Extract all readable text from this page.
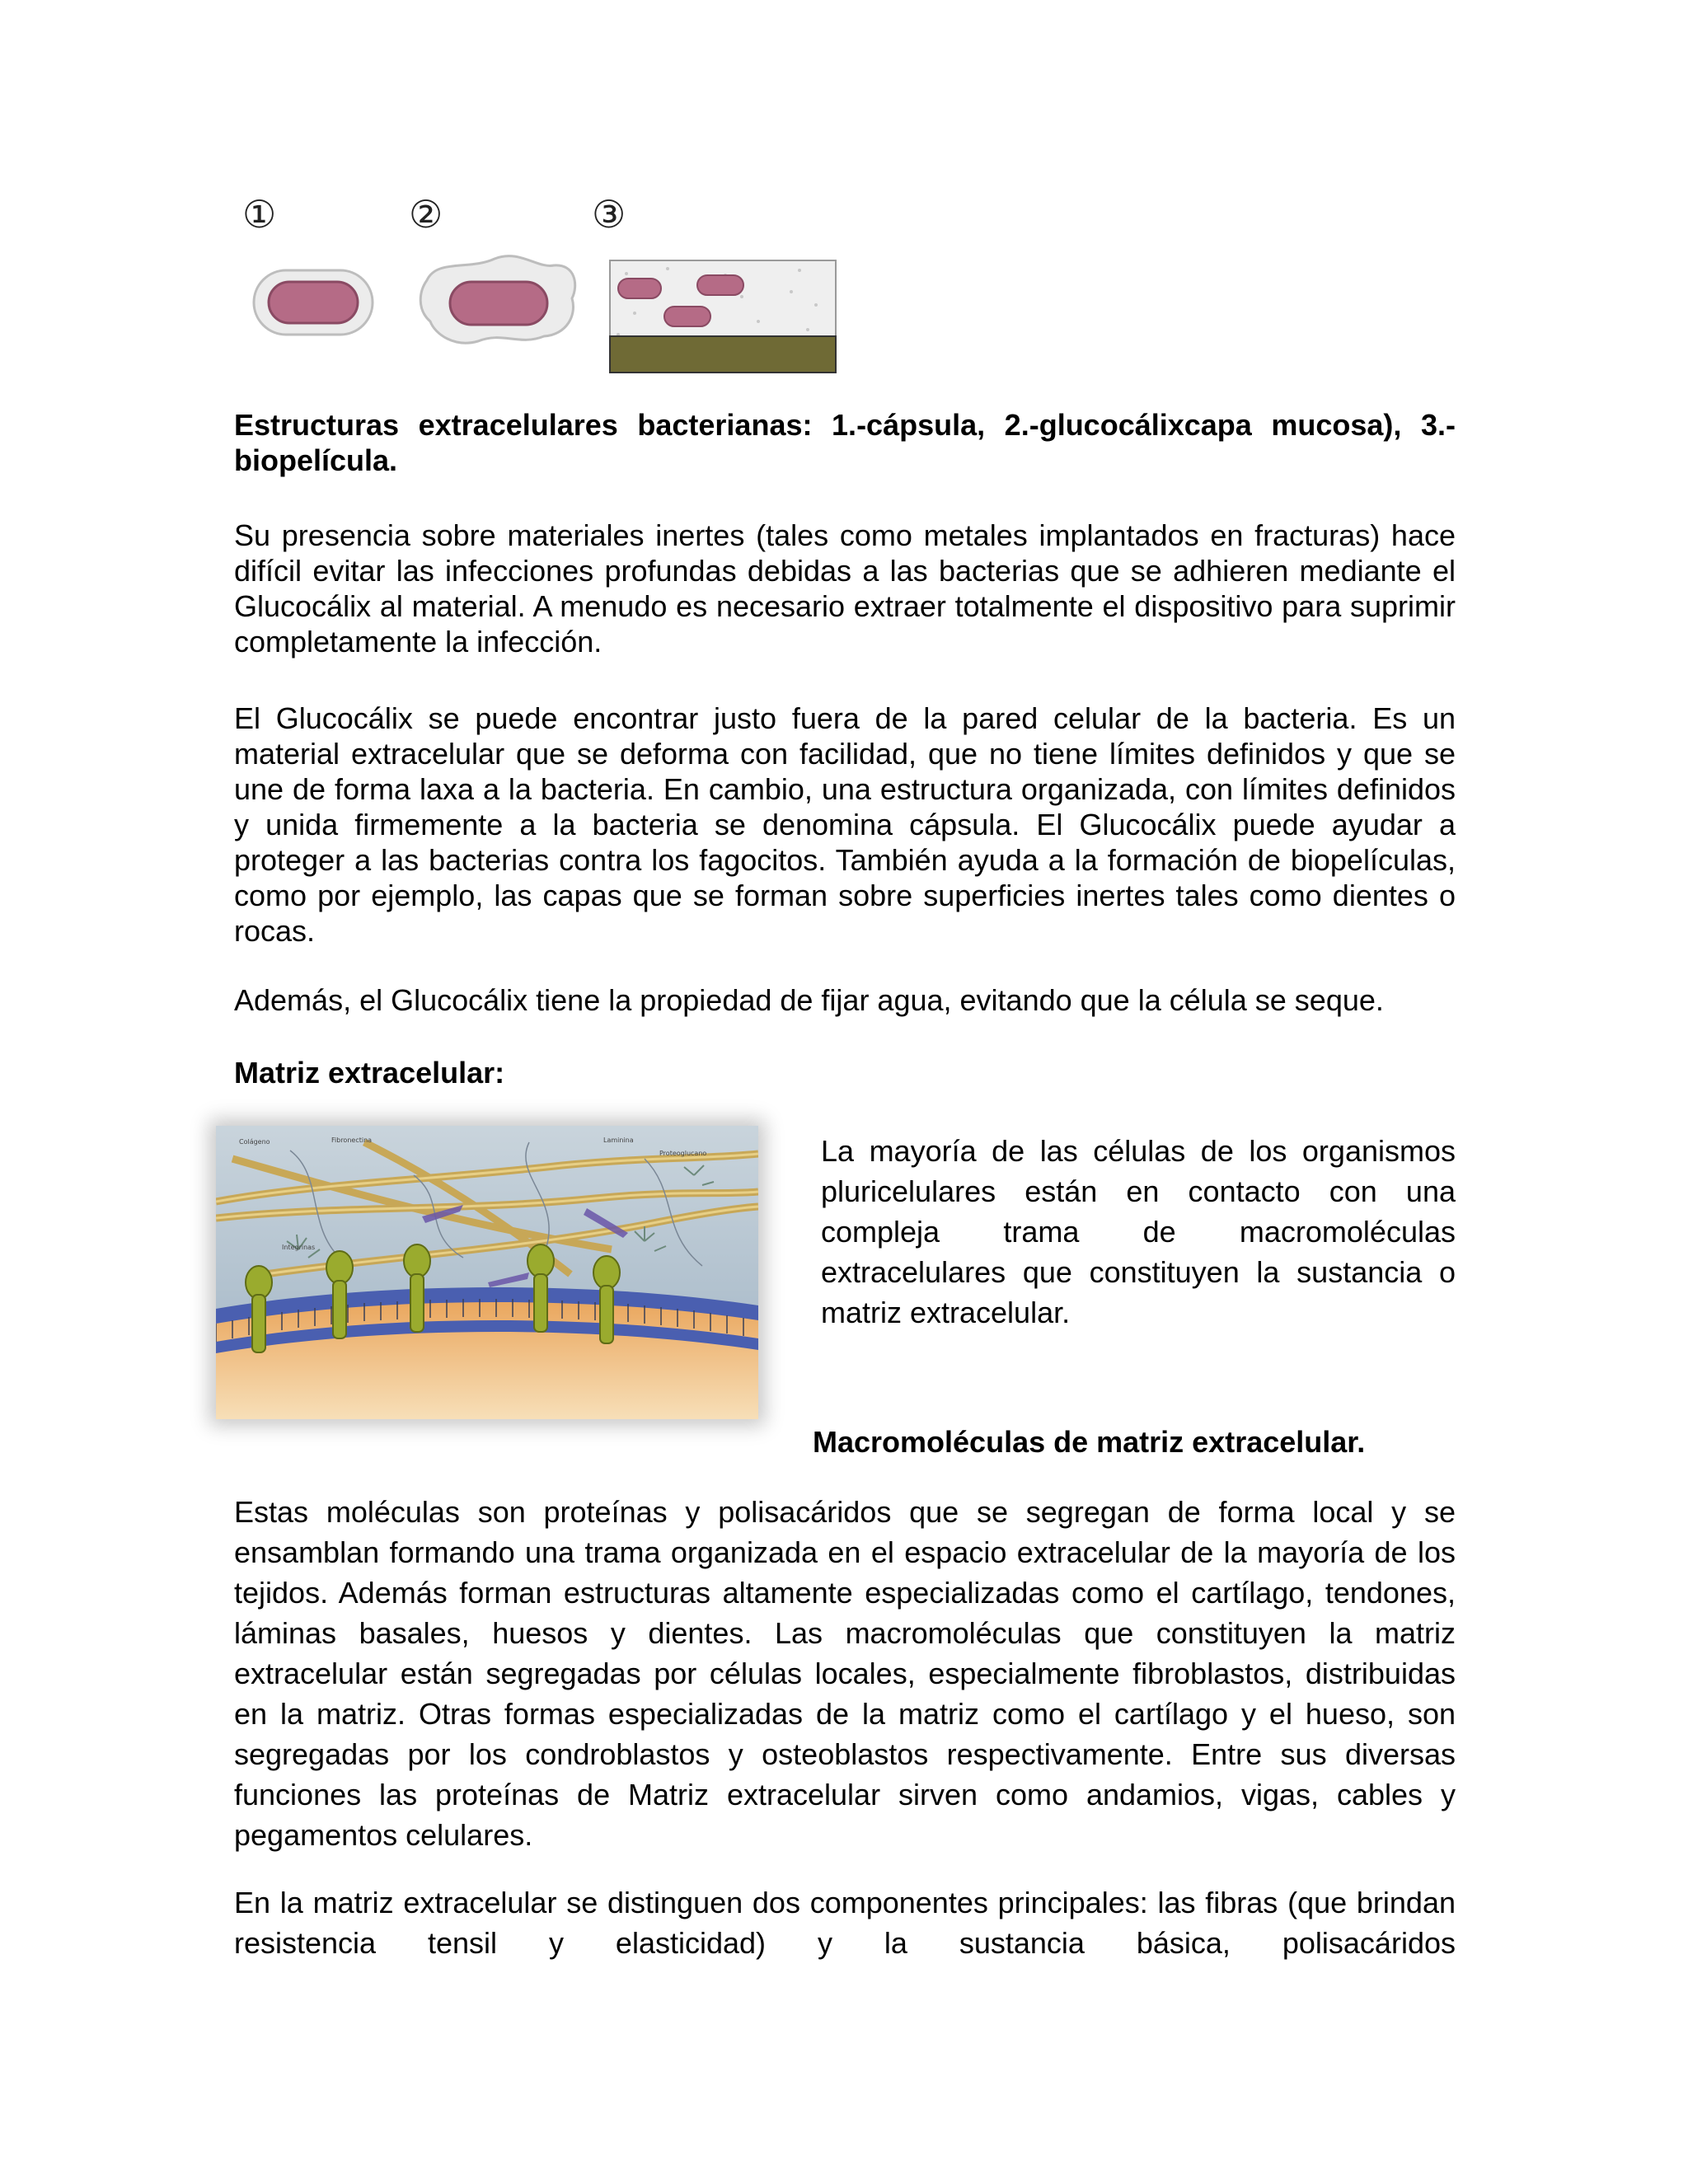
①	②	③

Estructuras extracelulares bacterianas: 1.-cápsula, 2.-glucocálixcapa mucosa), 3.-biopelícula.

Su presencia sobre materiales inertes (tales como metales implantados en fracturas) hace difícil evitar las infecciones profundas debidas a las bacterias que se adhieren mediante el Glucocálix al material. A menudo es necesario extraer totalmente el dispositivo para suprimir completamente la infección.

El Glucocálix se puede encontrar justo fuera de la pared celular de la bacteria. Es un material extracelular que se deforma con facilidad, que no tiene límites definidos y que se une de forma laxa a la bacteria. En cambio, una estructura organizada, con límites definidos y unida firmemente a la bacteria se denomina cápsula. El Glucocálix puede ayudar a proteger a las bacterias contra los fagocitos. También ayuda a la formación de biopelículas, como por ejemplo, las capas que se forman sobre superficies inertes tales como dientes o rocas.

Además, el Glucocálix tiene la propiedad de fijar agua, evitando que la célula se seque.

Matriz extracelular:
Colágeno	Fibronectina	Laminina
Proteoglucano
Integrinas

La mayoría de las células de los organismos pluricelulares están en contacto con una compleja trama de macromoléculas extracelulares que constituyen la sustancia o matriz extracelular.

Macromoléculas de matriz extracelular.

Estas moléculas son proteínas y polisacáridos que se segregan de forma local y se ensamblan formando una trama organizada en el espacio extracelular de la mayoría de los tejidos. Además forman estructuras altamente especializadas como el cartílago, tendones, láminas basales, huesos y dientes. Las macromoléculas que constituyen la matriz extracelular están segregadas por células locales, especialmente fibroblastos, distribuidas en la matriz. Otras formas especializadas de la matriz como el cartílago y el hueso, son segregadas por los condroblastos y osteoblastos respectivamente. Entre sus diversas funciones las proteínas de Matriz extracelular sirven como andamios, vigas, cables y pegamentos celulares.

En la matriz extracelular se distinguen dos componentes principales: las fibras (que brindan resistencia tensil y elasticidad) y la sustancia básica, polisacáridos
